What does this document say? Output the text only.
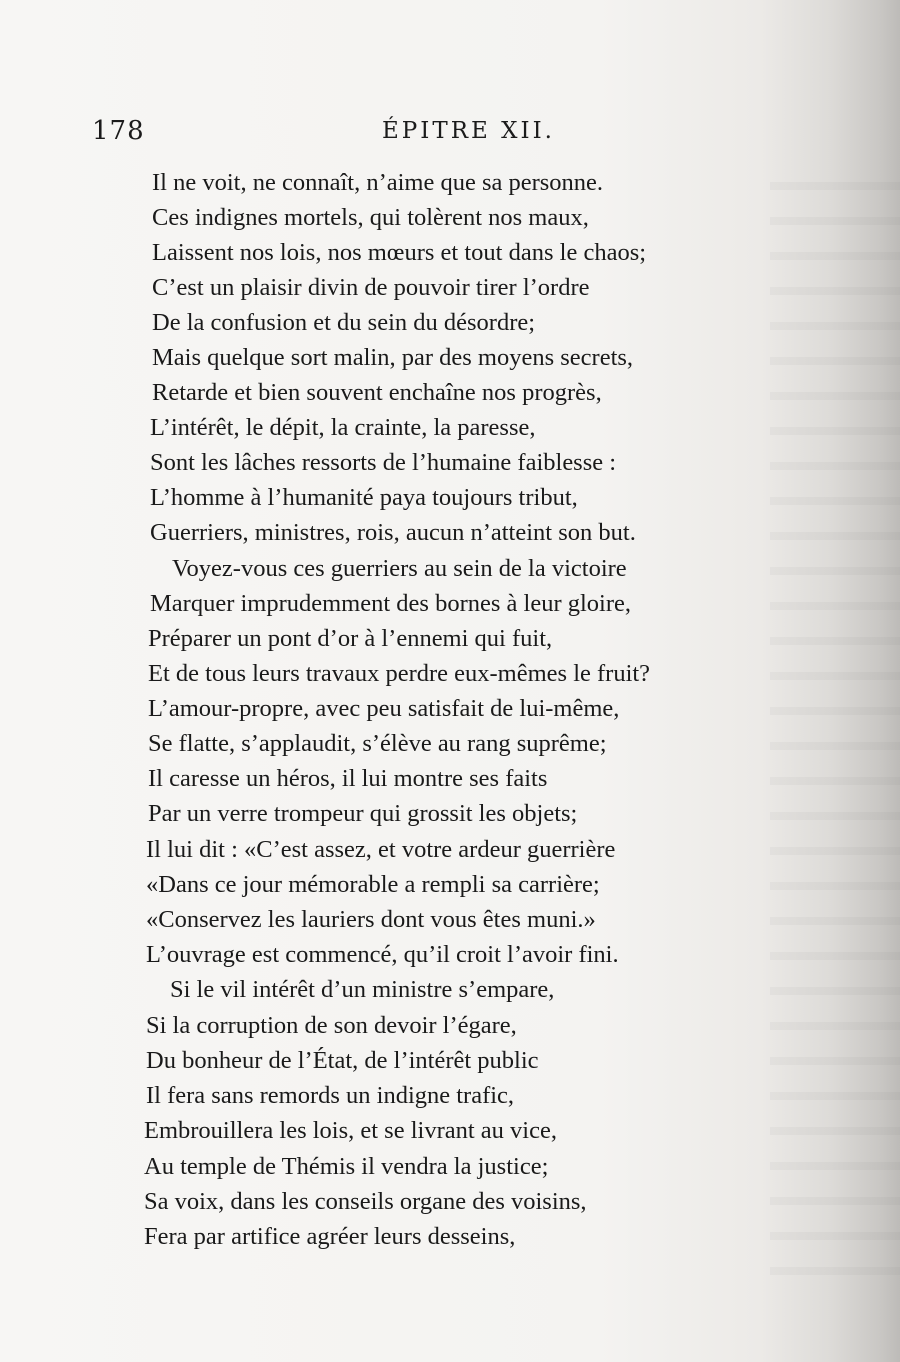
178	ÉPITRE XII.
Il ne voit, ne connaît, n’aime que sa personne.
Ces indignes mortels, qui tolèrent nos maux,
Laissent nos lois, nos mœurs et tout dans le chaos;
C’est un plaisir divin de pouvoir tirer l’ordre
De la confusion et du sein du désordre;
Mais quelque sort malin, par des moyens secrets,
Retarde et bien souvent enchaîne nos progrès,
L’intérêt, le dépit, la crainte, la paresse,
Sont les lâches ressorts de l’humaine faiblesse :
L’homme à l’humanité paya toujours tribut,
Guerriers, ministres, rois, aucun n’atteint son but.
Voyez-vous ces guerriers au sein de la victoire
Marquer imprudemment des bornes à leur gloire,
Préparer un pont d’or à l’ennemi qui fuit,
Et de tous leurs travaux perdre eux-mêmes le fruit?
L’amour-propre, avec peu satisfait de lui-même,
Se flatte, s’applaudit, s’élève au rang suprême;
Il caresse un héros, il lui montre ses faits
Par un verre trompeur qui grossit les objets;
Il lui dit : «C’est assez, et votre ardeur guerrière
«Dans ce jour mémorable a rempli sa carrière;
«Conservez les lauriers dont vous êtes muni.»
L’ouvrage est commencé, qu’il croit l’avoir fini.
Si le vil intérêt d’un ministre s’empare,
Si la corruption de son devoir l’égare,
Du bonheur de l’État, de l’intérêt public
Il fera sans remords un indigne trafic,
Embrouillera les lois, et se livrant au vice,
Au temple de Thémis il vendra la justice;
Sa voix, dans les conseils organe des voisins,
Fera par artifice agréer leurs desseins,
